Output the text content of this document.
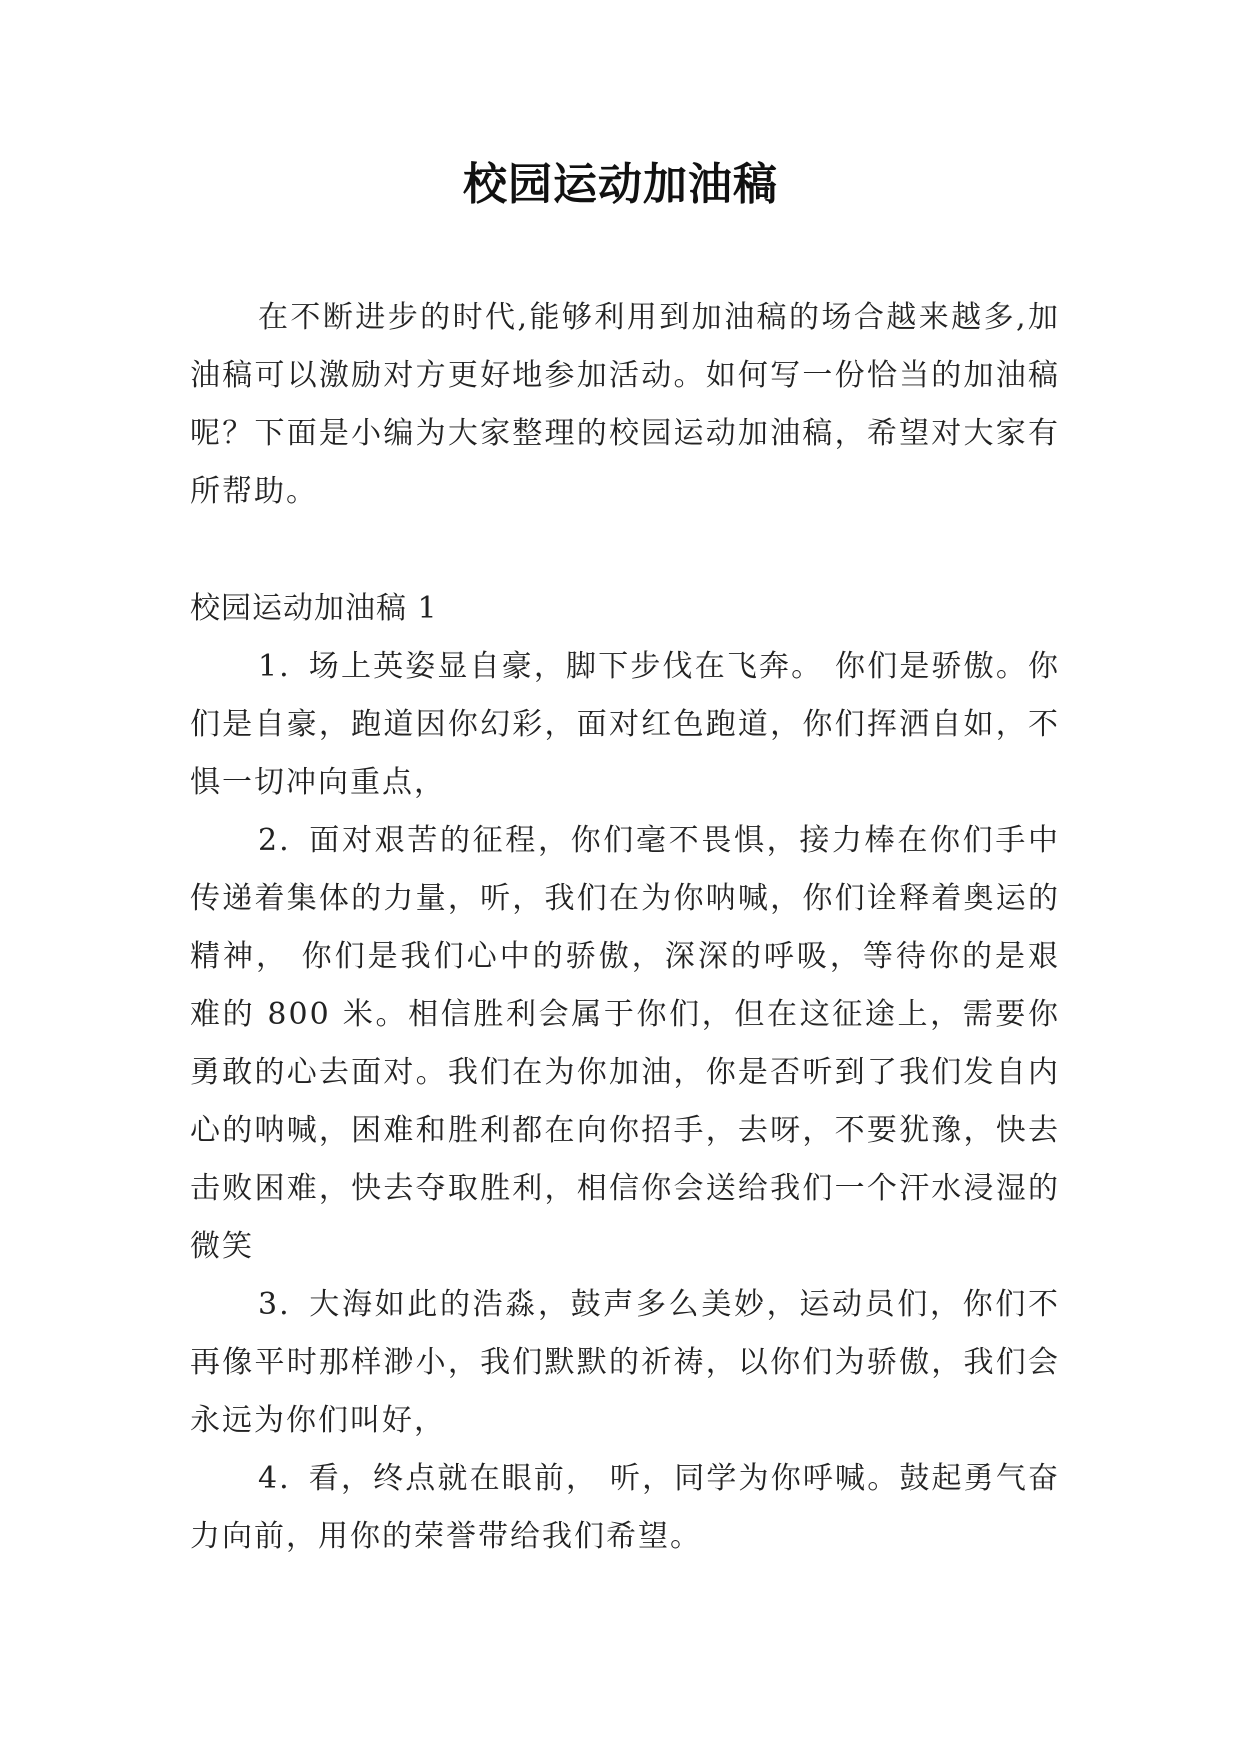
校园运动加油稿

在不断进步的时代,能够利用到加油稿的场合越来越多,加油稿可以激励对方更好地参加活动。如何写一份恰当的加油稿呢？下面是小编为大家整理的校园运动加油稿，希望对大家有所帮助。

校园运动加油稿 1

1. 场上英姿显自豪，脚下步伐在飞奔。 你们是骄傲。你们是自豪，跑道因你幻彩，面对红色跑道，你们挥洒自如，不惧一切冲向重点，
2. 面对艰苦的征程，你们毫不畏惧，接力棒在你们手中传递着集体的力量，听，我们在为你呐喊，你们诠释着奥运的精神， 你们是我们心中的骄傲，深深的呼吸，等待你的是艰难的 800 米。相信胜利会属于你们，但在这征途上，需要你勇敢的心去面对。我们在为你加油，你是否听到了我们发自内心的呐喊，困难和胜利都在向你招手，去呀，不要犹豫，快去击败困难，快去夺取胜利，相信你会送给我们一个汗水浸湿的微笑
3. 大海如此的浩淼，鼓声多么美妙，运动员们，你们不再像平时那样渺小，我们默默的祈祷，以你们为骄傲，我们会永远为你们叫好，
4. 看，终点就在眼前， 听，同学为你呼喊。鼓起勇气奋力向前，用你的荣誉带给我们希望。
